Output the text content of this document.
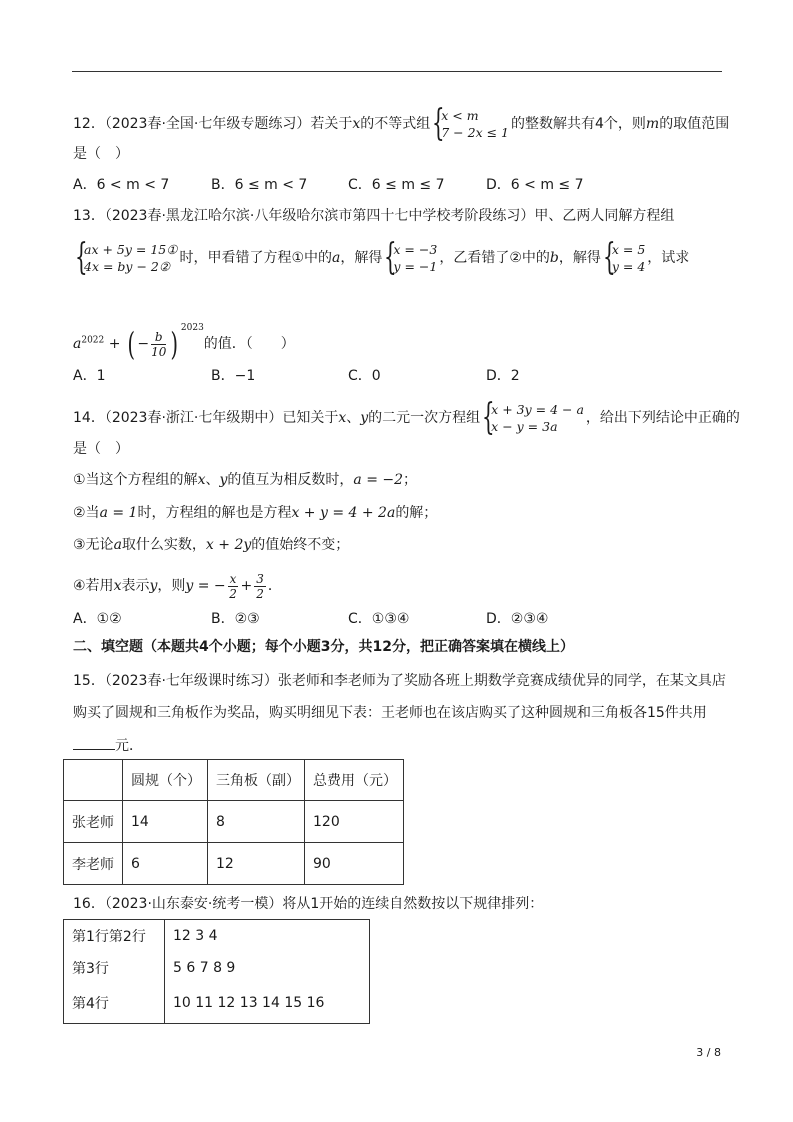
12．（2023春·全国·七年级专题练习）若关于x的不等式组 {
x < m
7 − 2x ≤ 1
的整数解共有4个，则m的取值范围
是（　）
A．6 < m < 7	B．6 ≤ m < 7	C．6 ≤ m ≤ 7	D．6 < m ≤ 7
13．（2023春·黑龙江哈尔滨·八年级哈尔滨市第四十七中学校考阶段练习）甲、乙两人同解方程组
{
ax + 5y = 15①
4x = by − 2②
时，甲看错了方程①中的a，解得 {
x = −3
y = −1
，乙看错了②中的b，解得 {
x = 5
y = 4
，试求
$a^{2022}$ + ( − $\frac{b}{10}$ ) $^{2023}$的值．（　　）
A．1	B．−1	C．0	D．2
14．（2023春·浙江·七年级期中）已知关于x、y的二元一次方程组 {
x + 3y = 4 − a
x − y = 3a
，给出下列结论中正确的
是（　）
①当这个方程组的解x、y的值互为相反数时，a = −2；
②当a = 1时，方程组的解也是方程x + y = 4 + 2a的解；
③无论a取什么实数，x + 2y的值始终不变；
④若用x表示y，则y = − $\frac{x}{2} + \frac{3}{2}$ ．
A．①②	B．②③	C．①③④	D．②③④
二、填空题（本题共4个小题；每个小题3分，共12分，把正确答案填在横线上）
15．（2023春·七年级课时练习）张老师和李老师为了奖励各班上期数学竞赛成绩优异的同学，在某文具店
购买了圆规和三角板作为奖品，购买明细见下表：王老师也在该店购买了这种圆规和三角板各15件共用
元．
	圆规（个）	三角板（副）	总费用（元）
张老师	14	8	120
李老师	6	12	90
16．（2023·山东泰安·统考一模）将从1开始的连续自然数按以下规律排列：
第1行第2行	12 3 4
第3行	5 6 7 8 9
第4行	10 11 12 13 14 15 16
3 / 8
